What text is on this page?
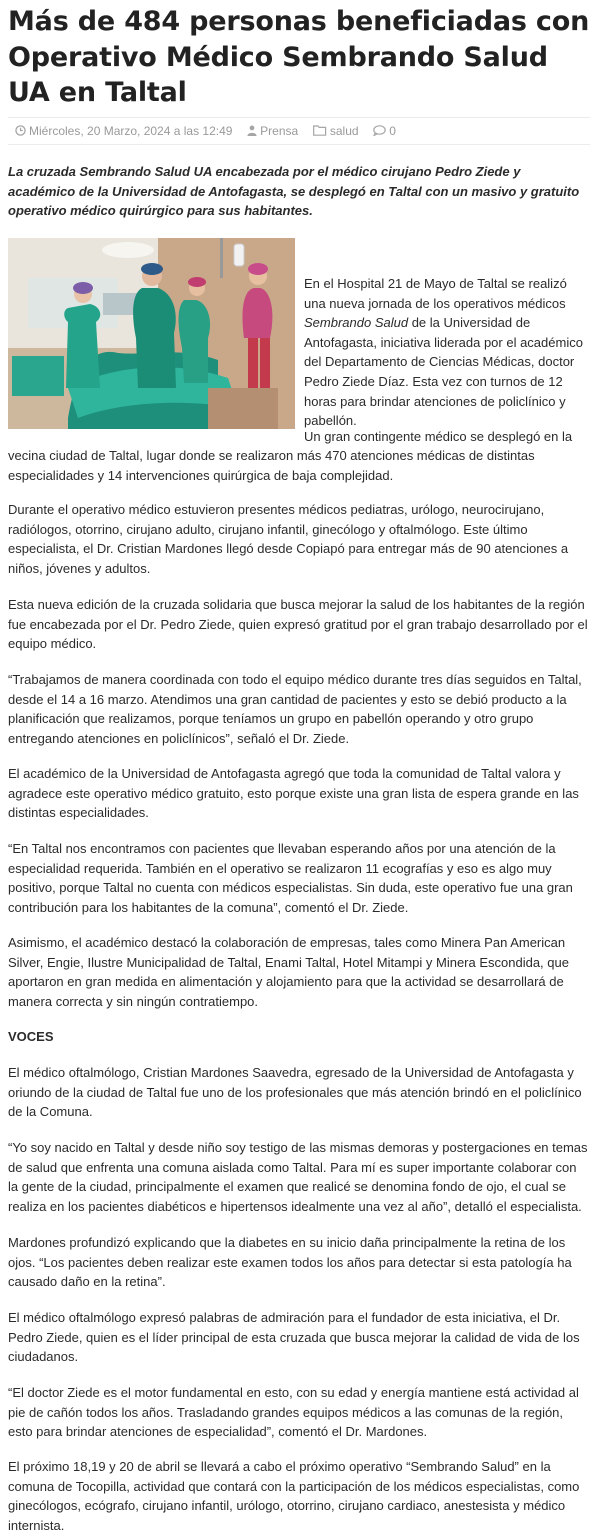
Más de 484 personas beneficiadas con Operativo Médico Sembrando Salud UA en Taltal
Miércoles, 20 Marzo, 2024 a las 12:49 Prensa	salud	0

La cruzada Sembrando Salud UA encabezada por el médico cirujano Pedro Ziede y académico de la Universidad de Antofagasta, se desplegó en Taltal con un masivo y gratuito operativo médico quirúrgico para sus habitantes.

En el Hospital 21 de Mayo de Taltal se realizó una nueva jornada de los operativos médicos Sembrando Salud de la Universidad de Antofagasta, iniciativa liderada por el académico del Departamento de Ciencias Médicas, doctor Pedro Ziede Díaz. Esta vez con turnos de 12 horas para brindar atenciones de policlínico y pabellón.

Un gran contingente médico se desplegó en la

vecina ciudad de Taltal, lugar donde se realizaron más 470 atenciones médicas de distintas especialidades y 14 intervenciones quirúrgica de baja complejidad.

Durante el operativo médico estuvieron presentes médicos pediatras, urólogo, neurocirujano, radiólogos, otorrino, cirujano adulto, cirujano infantil, ginecólogo y oftalmólogo. Este último especialista, el Dr. Cristian Mardones llegó desde Copiapó para entregar más de 90 atenciones a niños, jóvenes y adultos.

Esta nueva edición de la cruzada solidaria que busca mejorar la salud de los habitantes de la región fue encabezada por el Dr. Pedro Ziede, quien expresó gratitud por el gran trabajo desarrollado por el equipo médico.

“Trabajamos de manera coordinada con todo el equipo médico durante tres días seguidos en Taltal, desde el 14 a 16 marzo. Atendimos una gran cantidad de pacientes y esto se debió producto a la planificación que realizamos, porque teníamos un grupo en pabellón operando y otro grupo entregando atenciones en policlínicos”, señaló el Dr. Ziede.

El académico de la Universidad de Antofagasta agregó que toda la comunidad de Taltal valora y agradece este operativo médico gratuito, esto porque existe una gran lista de espera grande en las distintas especialidades.

“En Taltal nos encontramos con pacientes que llevaban esperando años por una atención de la especialidad requerida. También en el operativo se realizaron 11 ecografías y eso es algo muy positivo, porque Taltal no cuenta con médicos especialistas. Sin duda, este operativo fue una gran contribución para los habitantes de la comuna”, comentó el Dr. Ziede.

Asimismo, el académico destacó la colaboración de empresas, tales como Minera Pan American Silver, Engie, Ilustre Municipalidad de Taltal, Enami Taltal, Hotel Mitampi y Minera Escondida, que aportaron en gran medida en alimentación y alojamiento para que la actividad se desarrollará de manera correcta y sin ningún contratiempo.

VOCES

El médico oftalmólogo, Cristian Mardones Saavedra, egresado de la Universidad de Antofagasta y oriundo de la ciudad de Taltal fue uno de los profesionales que más atención brindó en el policlínico de la Comuna.

“Yo soy nacido en Taltal y desde niño soy testigo de las mismas demoras y postergaciones en temas de salud que enfrenta una comuna aislada como Taltal. Para mí es super importante colaborar con la gente de la ciudad, principalmente el examen que realicé se denomina fondo de ojo, el cual se realiza en los pacientes diabéticos e hipertensos idealmente una vez al año”, detalló el especialista.

Mardones profundizó explicando que la diabetes en su inicio daña principalmente la retina de los ojos. “Los pacientes deben realizar este examen todos los años para detectar si esta patología ha causado daño en la retina”.

El médico oftalmólogo expresó palabras de admiración para el fundador de esta iniciativa, el Dr. Pedro Ziede, quien es el líder principal de esta cruzada que busca mejorar la calidad de vida de los ciudadanos.

“El doctor Ziede es el motor fundamental en esto, con su edad y energía mantiene está actividad al pie de cañón todos los años. Trasladando grandes equipos médicos a las comunas de la región, esto para brindar atenciones de especialidad”, comentó el Dr. Mardones.

El próximo 18,19 y 20 de abril se llevará a cabo el próximo operativo “Sembrando Salud” en la comuna de Tocopilla, actividad que contará con la participación de los médicos especialistas, como ginecólogos, ecógrafo, cirujano infantil, urólogo, otorrino, cirujano cardiaco, anestesista y médico internista.
